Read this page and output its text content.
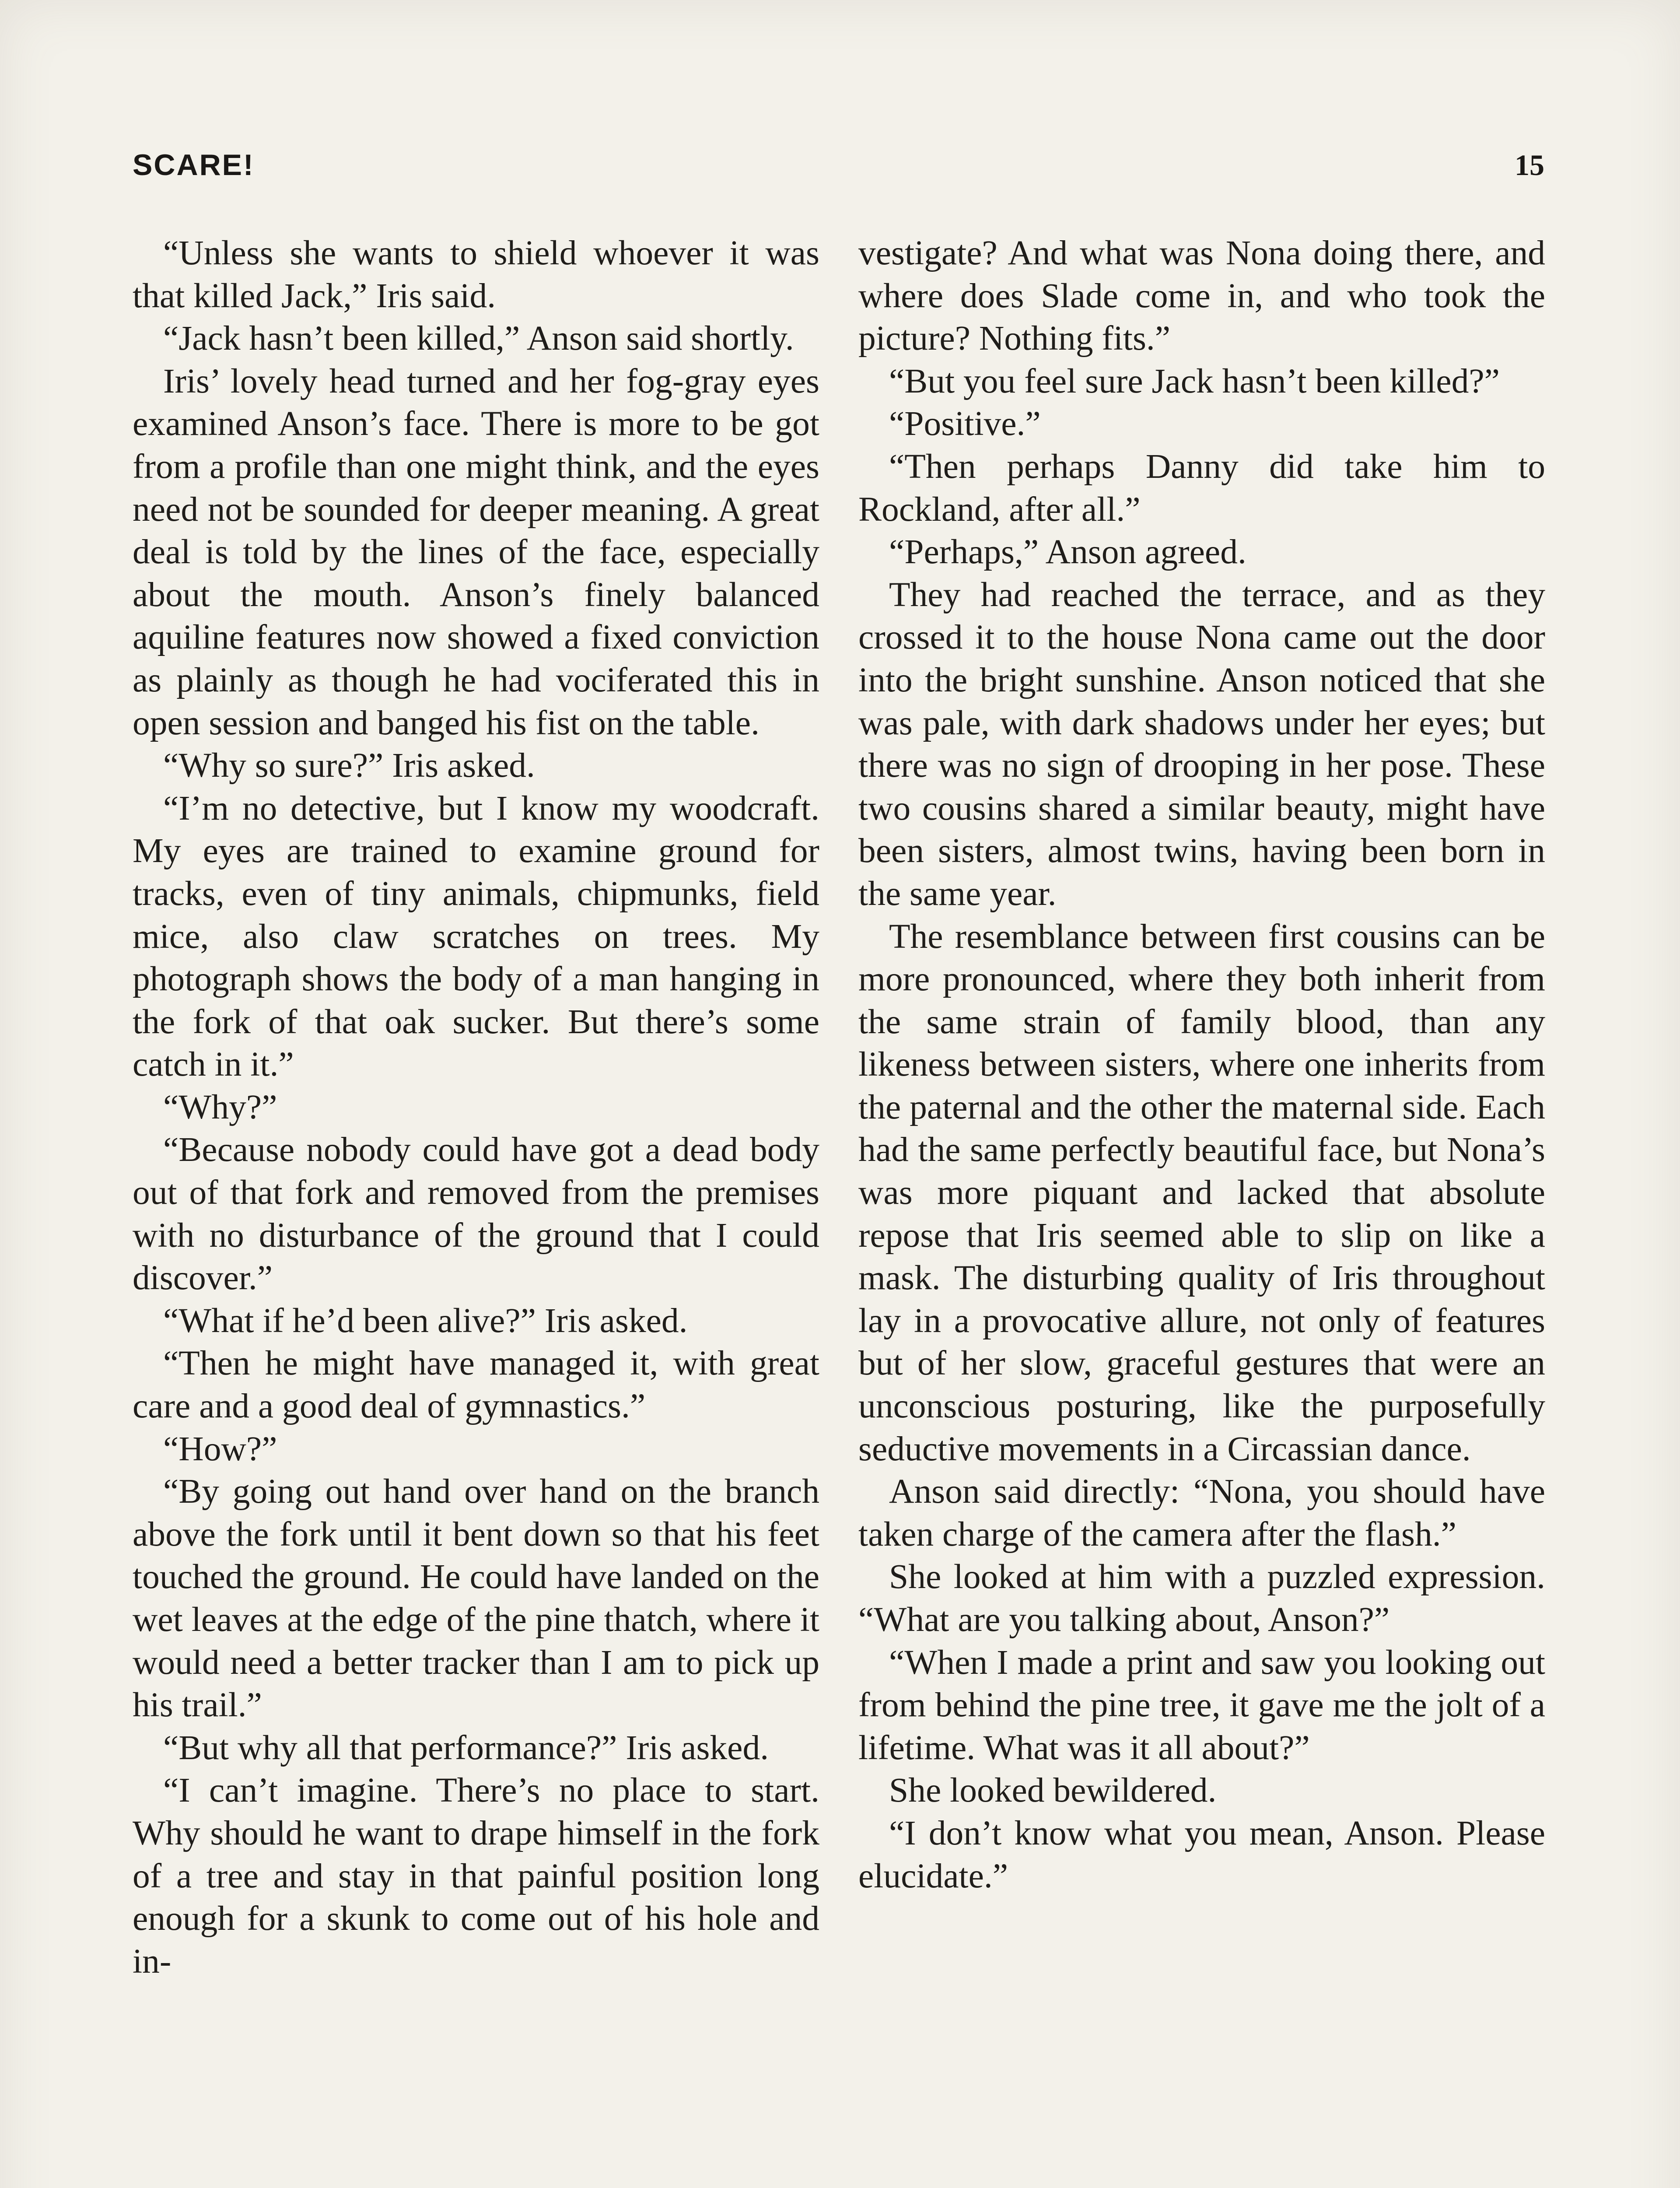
SCARE!	15

“Unless she wants to shield whoever it was that killed Jack,” Iris said.

“Jack hasn’t been killed,” Anson said shortly.

Iris’ lovely head turned and her fog-gray eyes examined Anson’s face. There is more to be got from a profile than one might think, and the eyes need not be sounded for deeper meaning. A great deal is told by the lines of the face, especially about the mouth. Anson’s finely balanced aquiline features now showed a fixed conviction as plainly as though he had vociferated this in open session and banged his fist on the table.

“Why so sure?” Iris asked.

“I’m no detective, but I know my woodcraft. My eyes are trained to examine ground for tracks, even of tiny animals, chipmunks, field mice, also claw scratches on trees. My photograph shows the body of a man hanging in the fork of that oak sucker. But there’s some catch in it.”

“Why?”

“Because nobody could have got a dead body out of that fork and removed from the premises with no disturbance of the ground that I could discover.”

“What if he’d been alive?” Iris asked.

“Then he might have managed it, with great care and a good deal of gymnastics.”

“How?”

“By going out hand over hand on the branch above the fork until it bent down so that his feet touched the ground. He could have landed on the wet leaves at the edge of the pine thatch, where it would need a better tracker than I am to pick up his trail.”

“But why all that performance?” Iris asked.

“I can’t imagine. There’s no place to start. Why should he want to drape himself in the fork of a tree and stay in that painful position long enough for a skunk to come out of his hole and in-

vestigate? And what was Nona doing there, and where does Slade come in, and who took the picture? Nothing fits.”

“But you feel sure Jack hasn’t been killed?”

“Positive.”

“Then perhaps Danny did take him to Rockland, after all.”

“Perhaps,” Anson agreed.

They had reached the terrace, and as they crossed it to the house Nona came out the door into the bright sunshine. Anson noticed that she was pale, with dark shadows under her eyes; but there was no sign of drooping in her pose. These two cousins shared a similar beauty, might have been sisters, almost twins, having been born in the same year.

The resemblance between first cousins can be more pronounced, where they both inherit from the same strain of family blood, than any likeness between sisters, where one inherits from the paternal and the other the maternal side. Each had the same perfectly beautiful face, but Nona’s was more piquant and lacked that absolute repose that Iris seemed able to slip on like a mask. The disturbing quality of Iris throughout lay in a provocative allure, not only of features but of her slow, graceful gestures that were an unconscious posturing, like the purposefully seductive movements in a Circassian dance.

Anson said directly: “Nona, you should have taken charge of the camera after the flash.”

She looked at him with a puzzled expression. “What are you talking about, Anson?”

“When I made a print and saw you looking out from behind the pine tree, it gave me the jolt of a lifetime. What was it all about?”

She looked bewildered.

“I don’t know what you mean, Anson. Please elucidate.”
